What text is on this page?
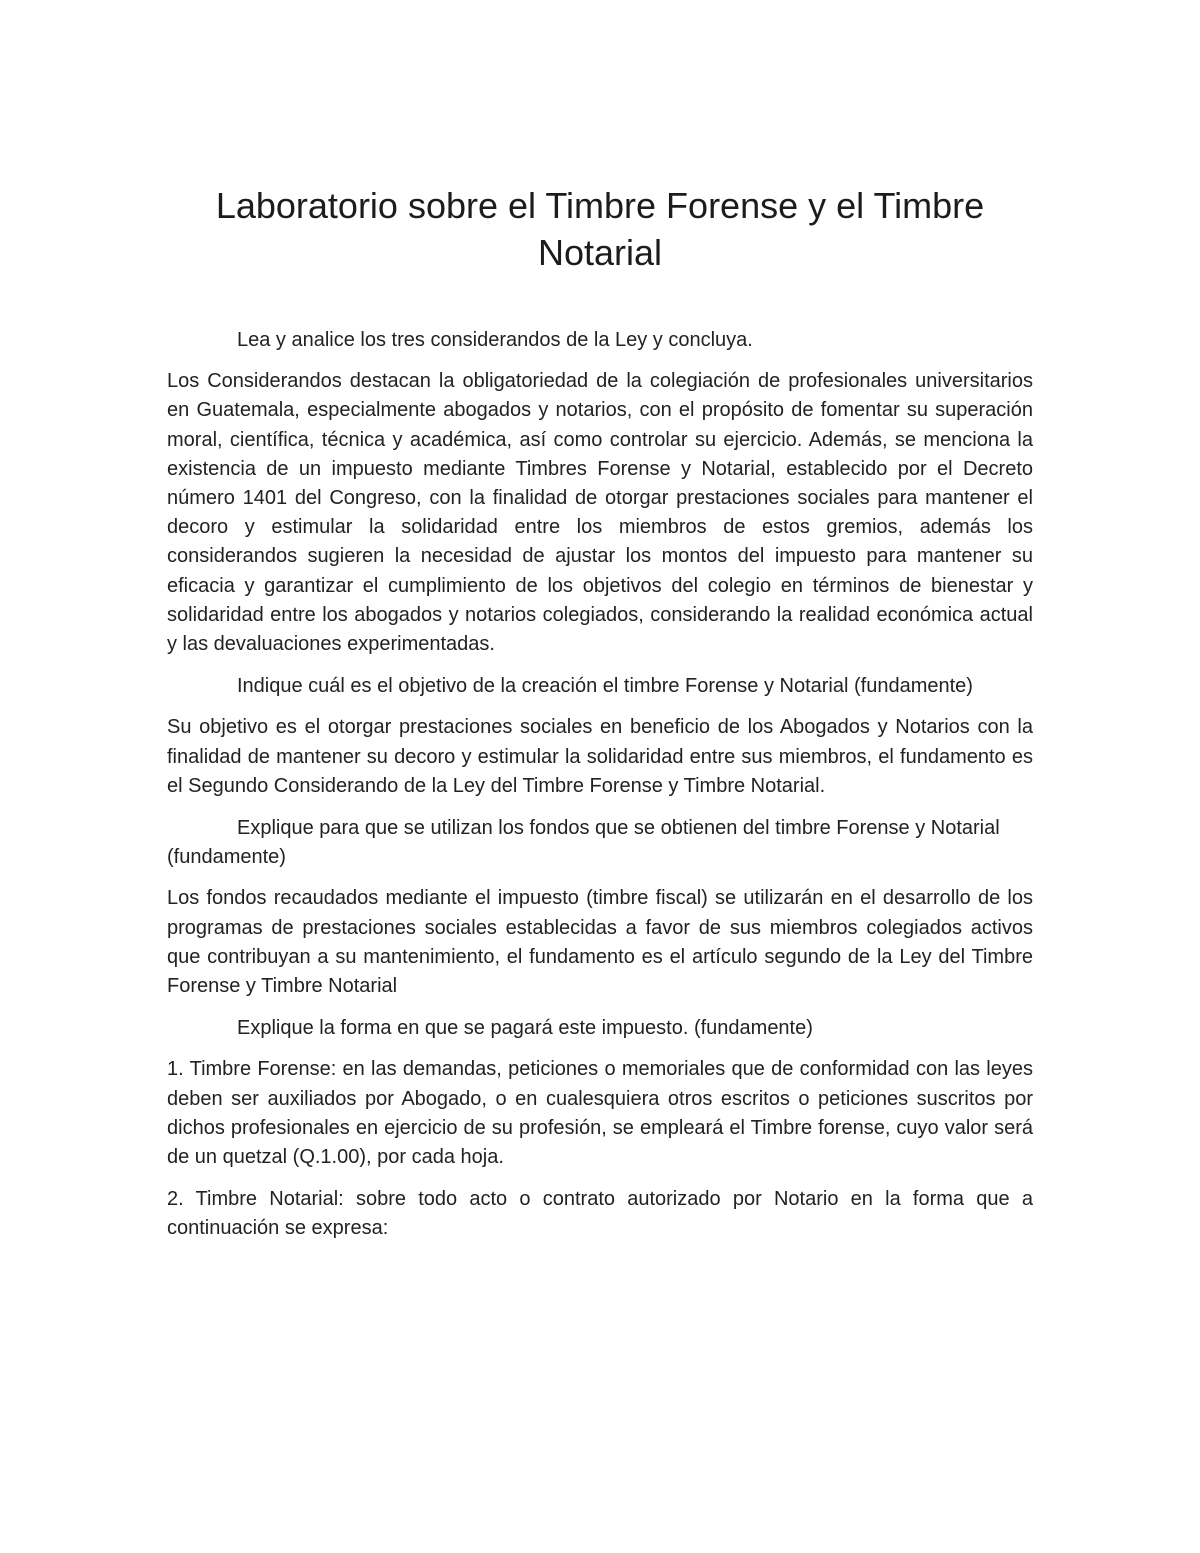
Laboratorio sobre el Timbre Forense y el Timbre Notarial

Lea y analice los tres considerandos de la Ley y concluya.

Los Considerandos destacan la obligatoriedad de la colegiación de profesionales universitarios en Guatemala, especialmente abogados y notarios, con el propósito de fomentar su superación moral, científica, técnica y académica, así como controlar su ejercicio. Además, se menciona la existencia de un impuesto mediante Timbres Forense y Notarial, establecido por el Decreto número 1401 del Congreso, con la finalidad de otorgar prestaciones sociales para mantener el decoro y estimular la solidaridad entre los miembros de estos gremios, además los considerandos sugieren la necesidad de ajustar los montos del impuesto para mantener su eficacia y garantizar el cumplimiento de los objetivos del colegio en términos de bienestar y solidaridad entre los abogados y notarios colegiados, considerando la realidad económica actual y las devaluaciones experimentadas.

Indique cuál es el objetivo de la creación el timbre Forense y Notarial (fundamente)

Su objetivo es el otorgar prestaciones sociales en beneficio de los Abogados y Notarios con la finalidad de mantener su decoro y estimular la solidaridad entre sus miembros, el fundamento es el Segundo Considerando de la Ley del Timbre Forense y Timbre Notarial.

Explique para que se utilizan los fondos que se obtienen del timbre Forense y Notarial (fundamente)

Los fondos recaudados mediante el impuesto (timbre fiscal) se utilizarán en el desarrollo de los programas de prestaciones sociales establecidas a favor de sus miembros colegiados activos que contribuyan a su mantenimiento, el fundamento es el artículo segundo de la Ley del Timbre Forense y Timbre Notarial

Explique la forma en que se pagará este impuesto. (fundamente)

1. Timbre Forense: en las demandas, peticiones o memoriales que de conformidad con las leyes deben ser auxiliados por Abogado, o en cualesquiera otros escritos o peticiones suscritos por dichos profesionales en ejercicio de su profesión, se empleará el Timbre forense, cuyo valor será de un quetzal (Q.1.00), por cada hoja.

2. Timbre Notarial: sobre todo acto o contrato autorizado por Notario en la forma que a continuación se expresa:
